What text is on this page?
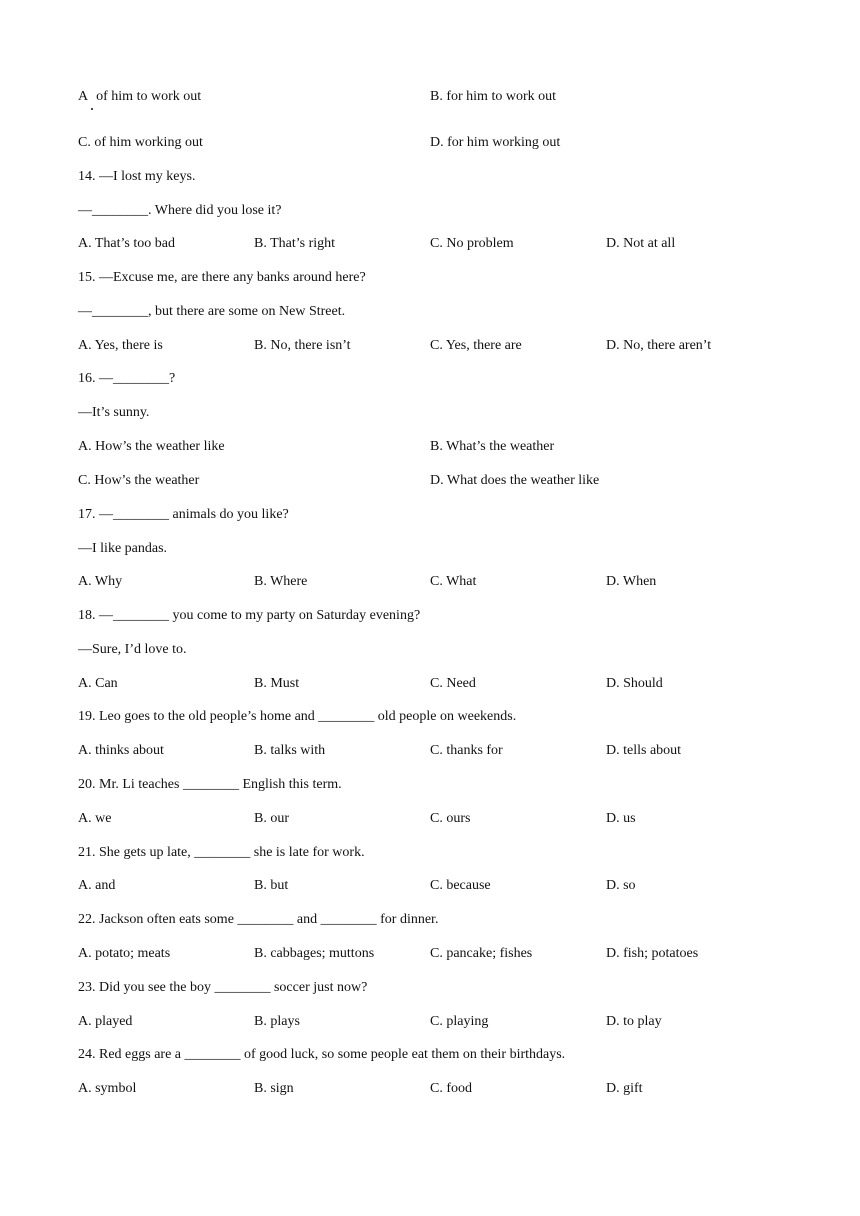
A of him to work out	B. for him to work out
C. of him working out	D. for him working out
14. —I lost my keys.
—________. Where did you lose it?
A. That’s too bad	B. That’s right	C. No problem	D. Not at all
15. —Excuse me, are there any banks around here?
—________, but there are some on New Street.
A. Yes, there is	B. No, there isn’t	C. Yes, there are	D. No, there aren’t
16. —________?
—It’s sunny.
A. How’s the weather like	B. What’s the weather
C. How’s the weather	D. What does the weather like
17. —________ animals do you like?
—I like pandas.
A. Why	B. Where	C. What	D. When
18. —________ you come to my party on Saturday evening?
—Sure, I’d love to.
A. Can	B. Must	C. Need	D. Should
19. Leo goes to the old people’s home and ________ old people on weekends.
A. thinks about	B. talks with	C. thanks for	D. tells about
20. Mr. Li teaches ________ English this term.
A. we	B. our	C. ours	D. us
21. She gets up late, ________ she is late for work.
A. and	B. but	C. because	D. so
22. Jackson often eats some ________ and ________ for dinner.
A. potato; meats	B. cabbages; muttons	C. pancake; fishes	D. fish; potatoes
23. Did you see the boy ________ soccer just now?
A. played	B. plays	C. playing	D. to play
24. Red eggs are a ________ of good luck, so some people eat them on their birthdays.
A. symbol	B. sign	C. food	D. gift
